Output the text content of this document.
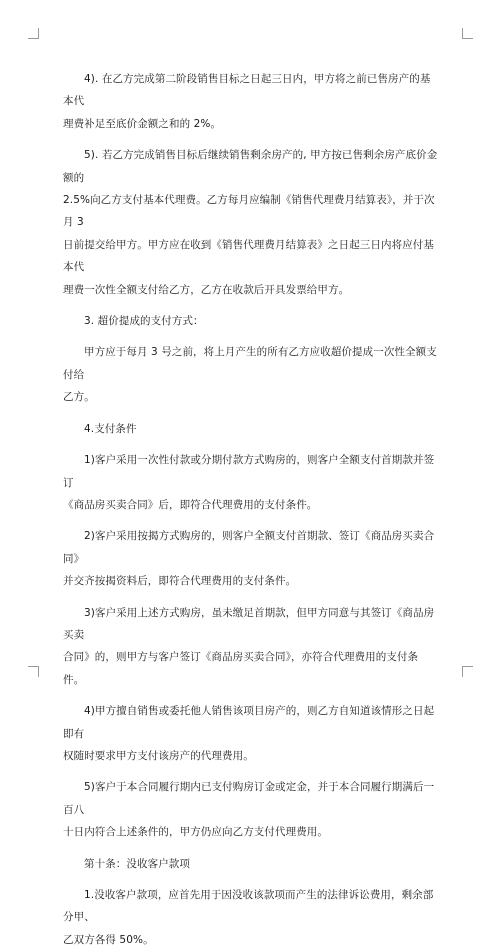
4). 在乙方完成第二阶段销售目标之日起三日内，甲方将之前已售房产的基本代
理费补足至底价金额之和的 2%。

5). 若乙方完成销售目标后继续销售剩余房产的, 甲方按已售剩余房产底价金额的
2.5%向乙方支付基本代理费。乙方每月应编制《销售代理费月结算表》，并于次月 3
日前提交给甲方。甲方应在收到《销售代理费月结算表》之日起三日内将应付基本代
理费一次性全额支付给乙方，乙方在收款后开具发票给甲方。

3. 超价提成的支付方式：

甲方应于每月 3 号之前，将上月产生的所有乙方应收超价提成一次性全额支付给
乙方。

4.支付条件

1)客户采用一次性付款或分期付款方式购房的，则客户全额支付首期款并签订
《商品房买卖合同》后，即符合代理费用的支付条件。

2)客户采用按揭方式购房的，则客户全额支付首期款、签订《商品房买卖合同》
并交齐按揭资料后，即符合代理费用的支付条件。

3)客户采用上述方式购房，虽未缴足首期款，但甲方同意与其签订《商品房买卖
合同》的，则甲方与客户签订《商品房买卖合同》，亦符合代理费用的支付条件。

4)甲方擅自销售或委托他人销售该项目房产的，则乙方自知道该情形之日起即有
权随时要求甲方支付该房产的代理费用。

5)客户于本合同履行期内已支付购房订金或定金，并于本合同履行期满后一百八
十日内符合上述条件的，甲方仍应向乙方支付代理费用。

第十条：没收客户款项

1.没收客户款项，应首先用于因没收该款项而产生的法律诉讼费用，剩余部分甲、
乙双方各得 50%。
